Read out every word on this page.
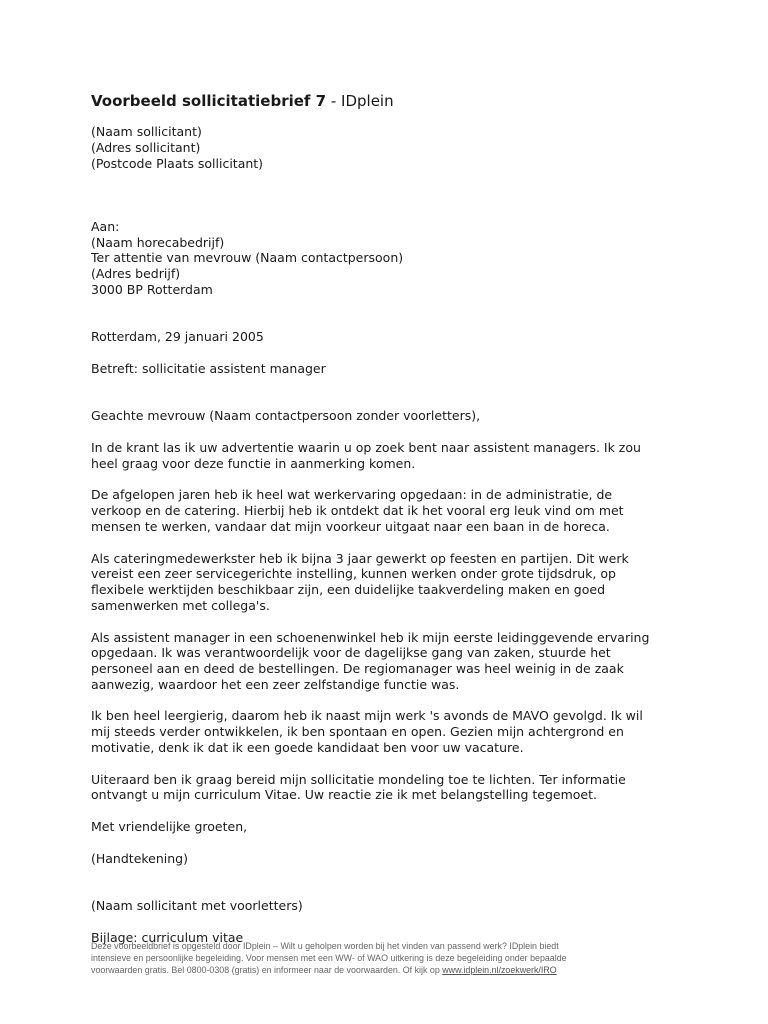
Voorbeeld sollicitatiebrief 7 - IDplein
(Naam sollicitant)
(Adres sollicitant)
(Postcode Plaats sollicitant)
Aan:
(Naam horecabedrijf)
Ter attentie van mevrouw (Naam contactpersoon)
(Adres bedrijf)
3000 BP Rotterdam
Rotterdam, 29 januari 2005
Betreft: sollicitatie assistent manager
Geachte mevrouw (Naam contactpersoon zonder voorletters),

In de krant las ik uw advertentie waarin u op zoek bent naar assistent managers. Ik zou
heel graag voor deze functie in aanmerking komen.

De afgelopen jaren heb ik heel wat werkervaring opgedaan: in de administratie, de
verkoop en de catering. Hierbij heb ik ontdekt dat ik het vooral erg leuk vind om met
mensen te werken, vandaar dat mijn voorkeur uitgaat naar een baan in de horeca.

Als cateringmedewerkster heb ik bijna 3 jaar gewerkt op feesten en partijen. Dit werk
vereist een zeer servicegerichte instelling, kunnen werken onder grote tijdsdruk, op
flexibele werktijden beschikbaar zijn, een duidelijke taakverdeling maken en goed
samenwerken met collega's.

Als assistent manager in een schoenenwinkel heb ik mijn eerste leidinggevende ervaring
opgedaan. Ik was verantwoordelijk voor de dagelijkse gang van zaken, stuurde het
personeel aan en deed de bestellingen. De regiomanager was heel weinig in de zaak
aanwezig, waardoor het een zeer zelfstandige functie was.

Ik ben heel leergierig, daarom heb ik naast mijn werk 's avonds de MAVO gevolgd. Ik wil
mij steeds verder ontwikkelen, ik ben spontaan en open. Gezien mijn achtergrond en
motivatie, denk ik dat ik een goede kandidaat ben voor uw vacature.

Uiteraard ben ik graag bereid mijn sollicitatie mondeling toe te lichten. Ter informatie
ontvangt u mijn curriculum Vitae. Uw reactie zie ik met belangstelling tegemoet.

Met vriendelijke groeten,
(Handtekening)
(Naam sollicitant met voorletters)
Bijlage: curriculum vitae
Deze voorbeeldbrief is opgesteld door IDplein – Wilt u geholpen worden bij het vinden van passend werk? IDplein biedt
intensieve en persoonlijke begeleiding. Voor mensen met een WW- of WAO uitkering is deze begeleiding onder bepaalde
voorwaarden gratis. Bel 0800-0308 (gratis) en informeer naar de voorwaarden. Of kijk op www.idplein.nl/zoekwerk/IRO
